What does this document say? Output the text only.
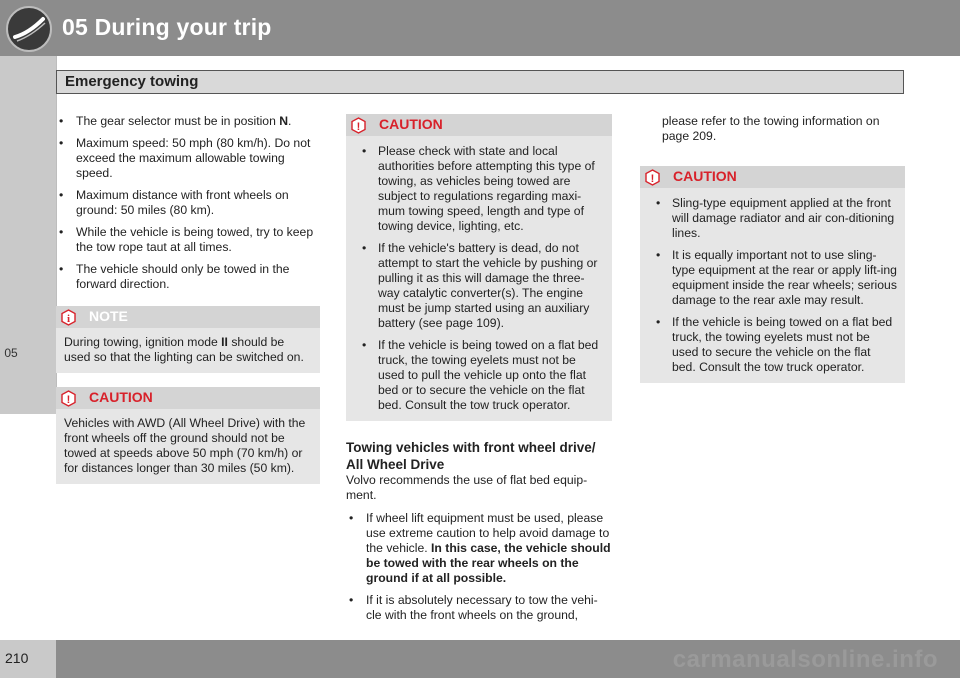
05 During your trip
05
Emergency towing
• The gear selector must be in position N.
• Maximum speed: 50 mph (80 km/h). Do not exceed the maximum allowable towing speed.
• Maximum distance with front wheels on ground: 50 miles (80 km).
• While the vehicle is being towed, try to keep the tow rope taut at all times.
• The vehicle should only be towed in the forward direction.
i NOTE
During towing, ignition mode II should be used so that the lighting can be switched on.
! CAUTION
Vehicles with AWD (All Wheel Drive) with the front wheels off the ground should not be towed at speeds above 50 mph (70 km/h) or for distances longer than 30 miles (50 km).
! CAUTION
• Please check with state and local authorities before attempting this type of towing, as vehicles being towed are subject to regulations regarding maxi-mum towing speed, length and type of towing device, lighting, etc.
• If the vehicle's battery is dead, do not attempt to start the vehicle by pushing or pulling it as this will damage the three-way catalytic converter(s). The engine must be jump started using an auxiliary battery (see page 109).
• If the vehicle is being towed on a flat bed truck, the towing eyelets must not be used to pull the vehicle up onto the flat bed or to secure the vehicle on the flat bed. Consult the tow truck operator.
Towing vehicles with front wheel drive/ All Wheel Drive

Volvo recommends the use of flat bed equip-ment.

• If wheel lift equipment must be used, please use extreme caution to help avoid damage to the vehicle. In this case, the vehicle should be towed with the rear wheels on the ground if at all possible.
• If it is absolutely necessary to tow the vehi-cle with the front wheels on the ground,

please refer to the towing information on page 209.

! CAUTION
• Sling-type equipment applied at the front will damage radiator and air con-ditioning lines.
• It is equally important not to use sling-type equipment at the rear or apply lift-ing equipment inside the rear wheels; serious damage to the rear axle may result.
• If the vehicle is being towed on a flat bed truck, the towing eyelets must not be used to secure the vehicle on the flat bed. Consult the tow truck operator.
210	carmanualsonline.info
